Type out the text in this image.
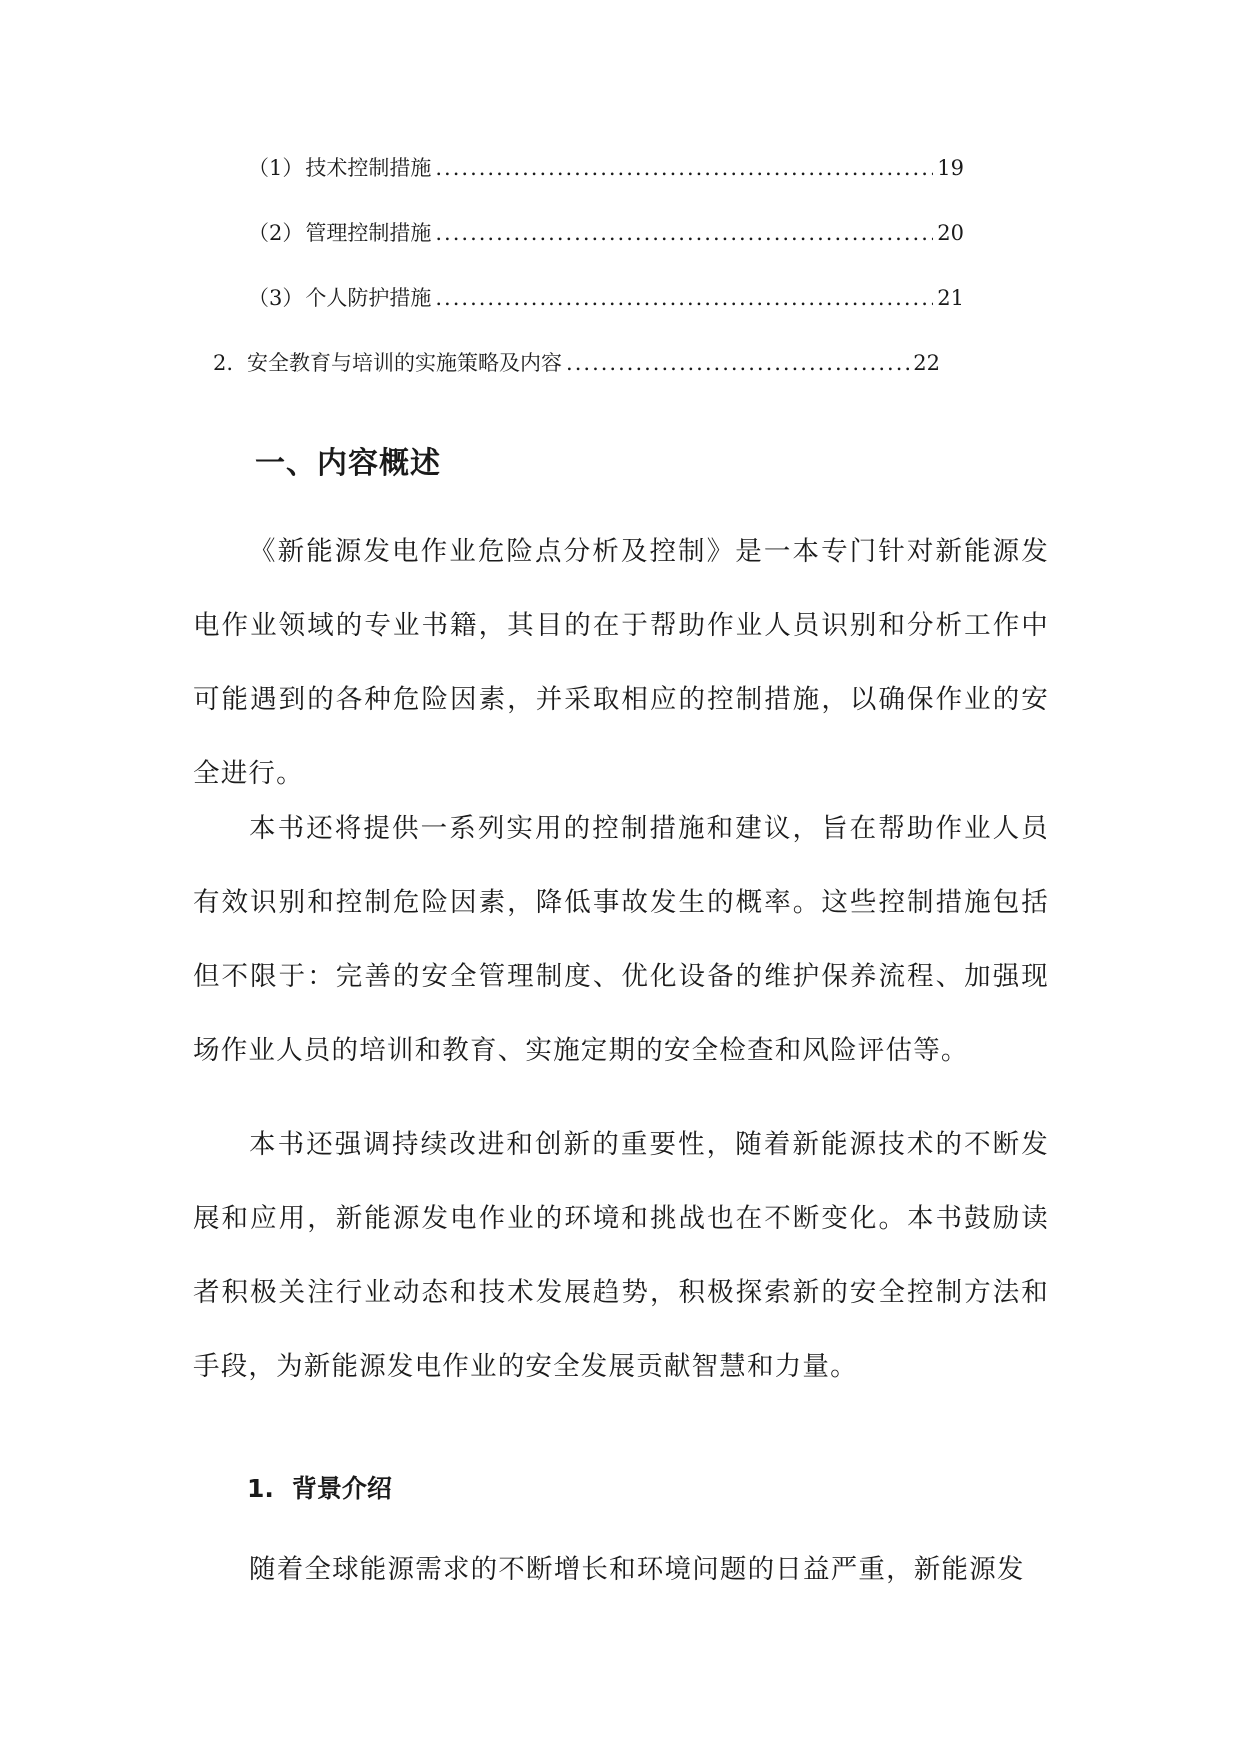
（1） 技术控制措施 .....	19
（2） 管理控制措施 .....	20
（3） 个人防护措施 .....	21
2. 安全教育与培训的实施策略及内容 .....	22
一、内容概述

《新能源发电作业危险点分析及控制》是一本专门针对新能源发电作业领域的专业书籍，其目的在于帮助作业人员识别和分析工作中可能遇到的各种危险因素，并采取相应的控制措施，以确保作业的安全进行。

本书还将提供一系列实用的控制措施和建议，旨在帮助作业人员有效识别和控制危险因素，降低事故发生的概率。这些控制措施包括但不限于：完善的安全管理制度、优化设备的维护保养流程、加强现场作业人员的培训和教育、实施定期的安全检查和风险评估等。

本书还强调持续改进和创新的重要性，随着新能源技术的不断发展和应用，新能源发电作业的环境和挑战也在不断变化。本书鼓励读者积极关注行业动态和技术发展趋势，积极探索新的安全控制方法和手段，为新能源发电作业的安全发展贡献智慧和力量。

1. 背景介绍

随着全球能源需求的不断增长和环境问题的日益严重，新能源发
